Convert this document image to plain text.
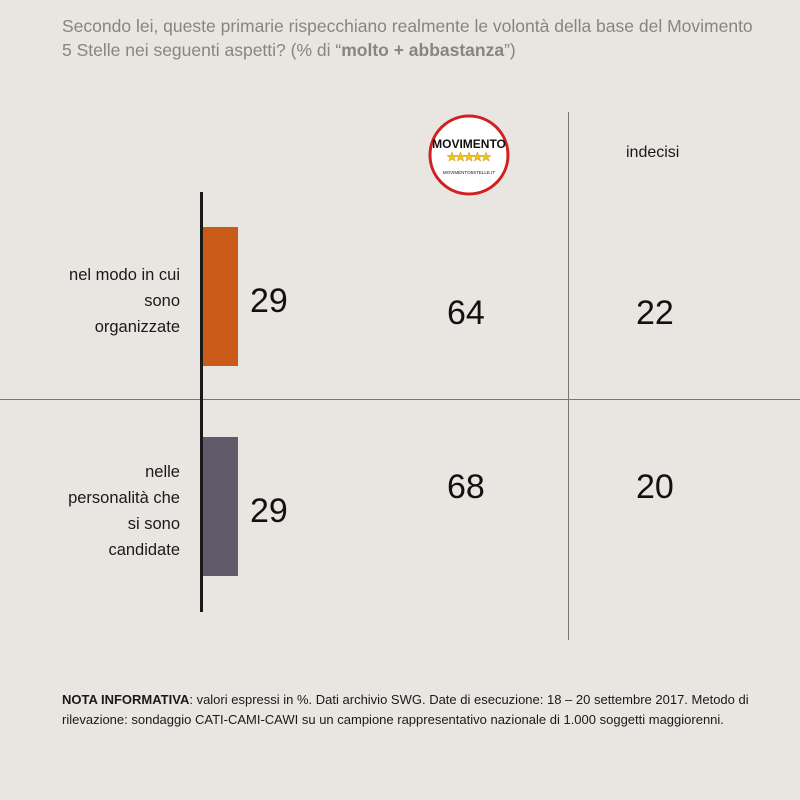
Secondo lei, queste primarie rispecchiano realmente le volontà della base del Movimento 5 Stelle nei seguenti aspetti? (% di “molto + abbastanza”)
nel modo in cui
sono
organizzate
nelle
personalità che
si sono
candidate
29
29
MOVIMENTO
MOVIMENTO5STELLE.IT
indecisi
64
68
22
20
NOTA INFORMATIVA: valori espressi in %. Dati archivio SWG. Date di esecuzione: 18 – 20 settembre 2017. Metodo di rilevazione: sondaggio CATI-CAMI-CAWI su un campione rappresentativo nazionale di 1.000 soggetti maggiorenni.
